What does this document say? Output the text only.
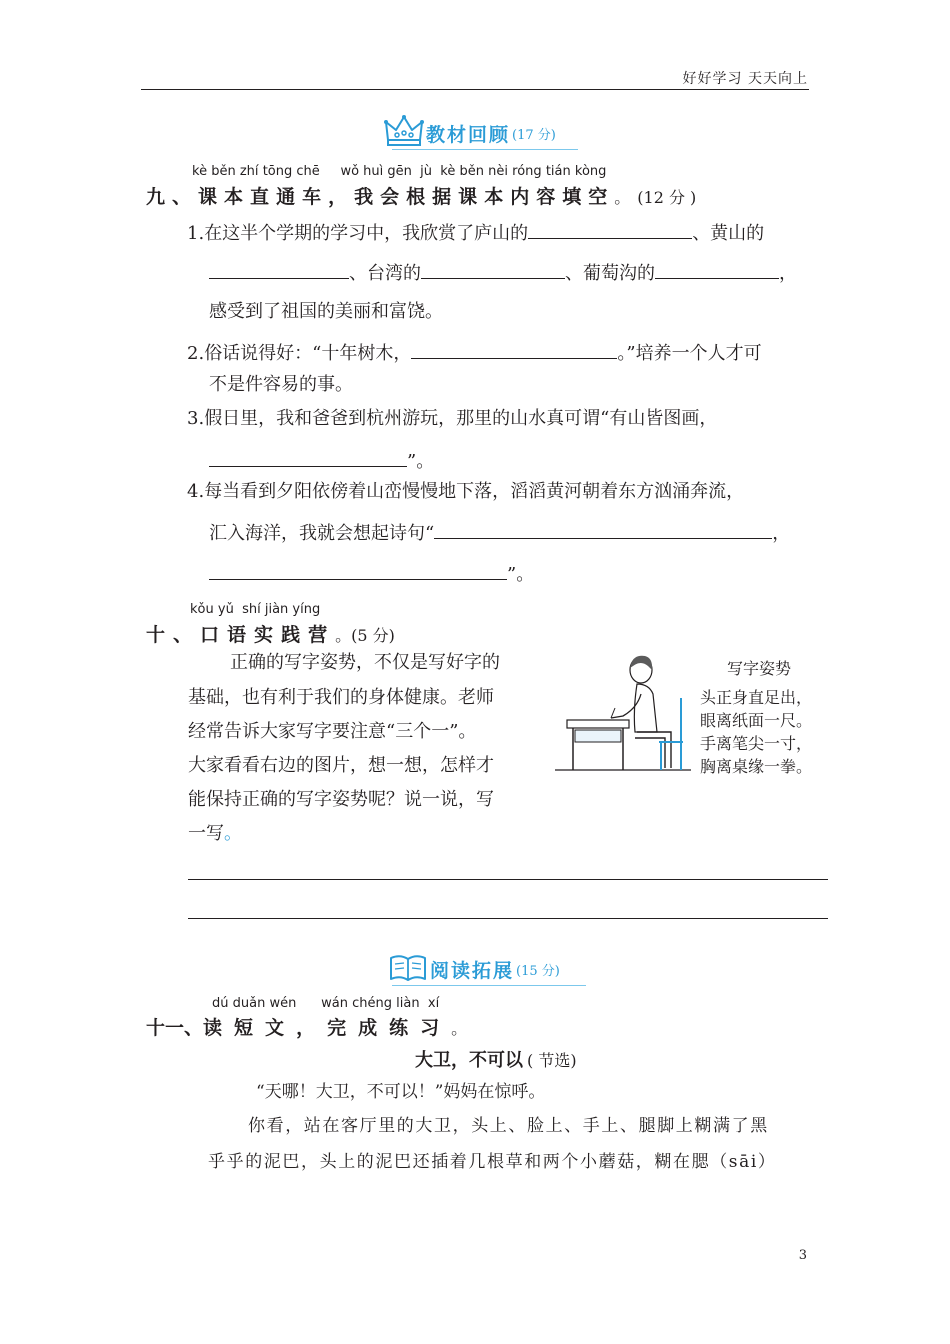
好好学习 天天向上
教材回顾 (17 分)
kè běn zhí tōng chē wǒ huì gēn jù kè běn nèi róng tián kòng
九、课本直通车，我会根据课本内容填空。(12 分 )
1.在这半个学期的学习中，我欣赏了庐山的	、黄山的
、台湾的	、葡萄沟的	，
感受到了祖国的美丽和富饶。
2.俗话说得好：“十年树木，	。”培养一个人才可
不是件容易的事。
3.假日里，我和爸爸到杭州游玩，那里的山水真可谓“有山皆图画，
”。
4.每当看到夕阳依傍着山峦慢慢地下落，滔滔黄河朝着东方汹涌奔流，
汇入海洋，我就会想起诗句“	，
”。
kǒu yǔ shí jiàn yíng
十、口语实践营。(5 分)
正确的写字姿势，不仅是写好字的
基础，也有利于我们的身体健康。老师
经常告诉大家写字要注意“三个一”。
大家看看右边的图片，想一想，怎样才
能保持正确的写字姿势呢？说一说，写
一写。
写字姿势
头正身直足出，
眼离纸面一尺。
手离笔尖一寸，
胸离桌缘一拳。
阅读拓展 (15 分)
dú duǎn wén wán chéng liàn xí
十一、读短文，完成练习。
大卫，不可以 ( 节选)
“天哪！大卫，不可以！”妈妈在惊呼。
你看，站在客厅里的大卫，头上、脸上、手上、腿脚上糊满了黑
乎乎的泥巴，头上的泥巴还插着几根草和两个小蘑菇，糊在腮（sāi）
3
